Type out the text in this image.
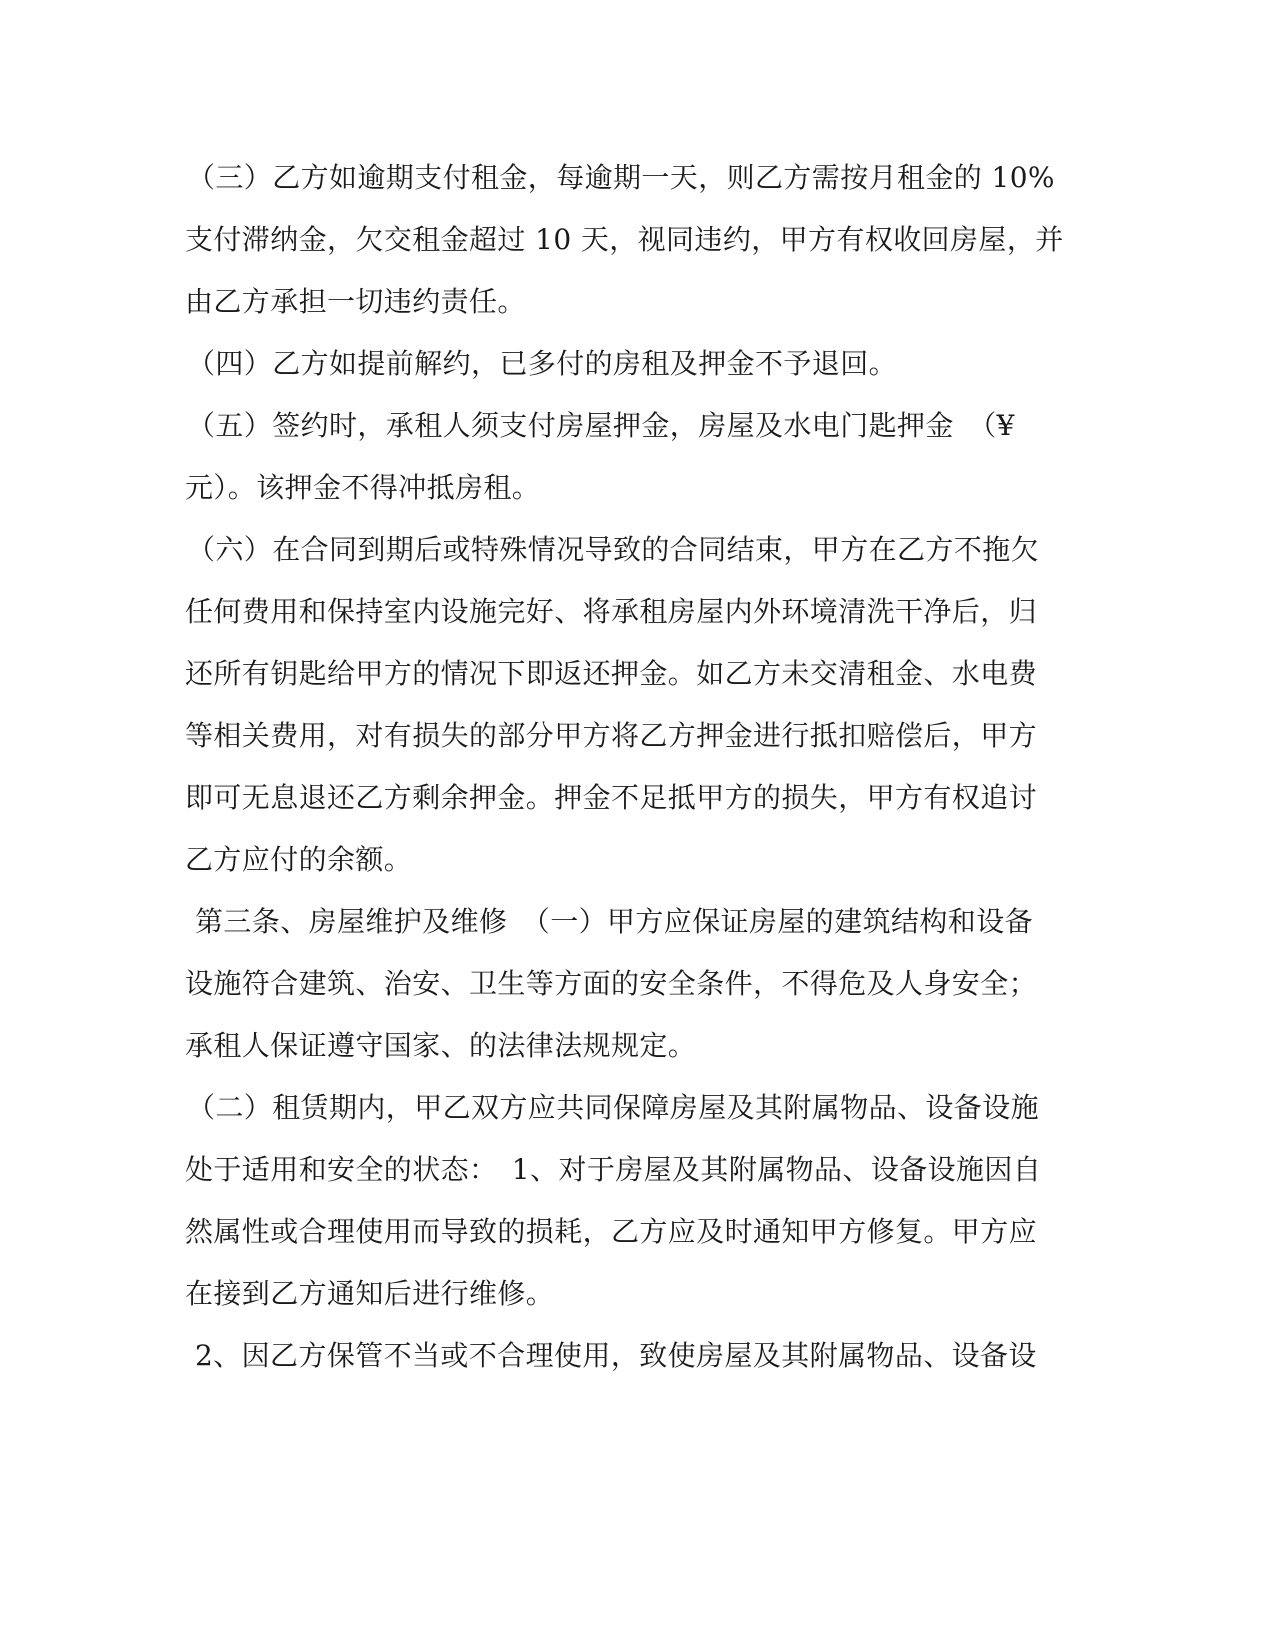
（三）乙方如逾期支付租金，每逾期一天，则乙方需按月租金的 10%
支付滞纳金，欠交租金超过 10 天，视同违约，甲方有权收回房屋，并
由乙方承担一切违约责任。
（四）乙方如提前解约，已多付的房租及押金不予退回。
（五）签约时，承租人须支付房屋押金，房屋及水电门匙押金　（¥
元）。该押金不得冲抵房租。
（六）在合同到期后或特殊情况导致的合同结束，甲方在乙方不拖欠
任何费用和保持室内设施完好、将承租房屋内外环境清洗干净后，归
还所有钥匙给甲方的情况下即返还押金。如乙方未交清租金、水电费
等相关费用，对有损失的部分甲方将乙方押金进行抵扣赔偿后，甲方
即可无息退还乙方剩余押金。押金不足抵甲方的损失，甲方有权追讨
乙方应付的余额。
第三条、房屋维护及维修　（一）甲方应保证房屋的建筑结构和设备
设施符合建筑、治安、卫生等方面的安全条件，不得危及人身安全；
承租人保证遵守国家、的法律法规规定。
（二）租赁期内，甲乙双方应共同保障房屋及其附属物品、设备设施
处于适用和安全的状态：　1、对于房屋及其附属物品、设备设施因自
然属性或合理使用而导致的损耗，乙方应及时通知甲方修复。甲方应
在接到乙方通知后进行维修。
2、因乙方保管不当或不合理使用，致使房屋及其附属物品、设备设
